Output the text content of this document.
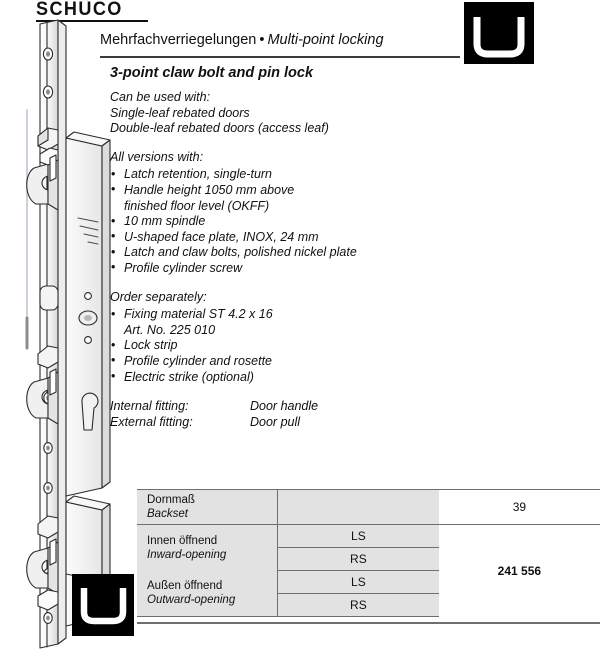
SCHÜCO
Mehrfachverriegelungen • Multi-point locking
3-point claw bolt and pin lock
Can be used with:
Single-leaf rebated doors
Double-leaf rebated doors (access leaf)
All versions with:
• Latch retention, single-turn
• Handle height 1050 mm above
finished floor level (OKFF)
• 10 mm spindle
• U-shaped face plate, INOX, 24 mm
• Latch and claw bolts, polished nickel plate
• Profile cylinder screw
Order separately:
• Fixing material ST 4.2 x 16
Art. No. 225 010
• Lock strip
• Profile cylinder and rosette
• Electric strike (optional)
Internal fitting:	Door handle
External fitting:	Door pull
Dornmaß
Backset		39

Innen öffnend
Inward-opening	LS	241 556
	RS	

Außen öffnend
Outward-opening	LS	
	RS	
